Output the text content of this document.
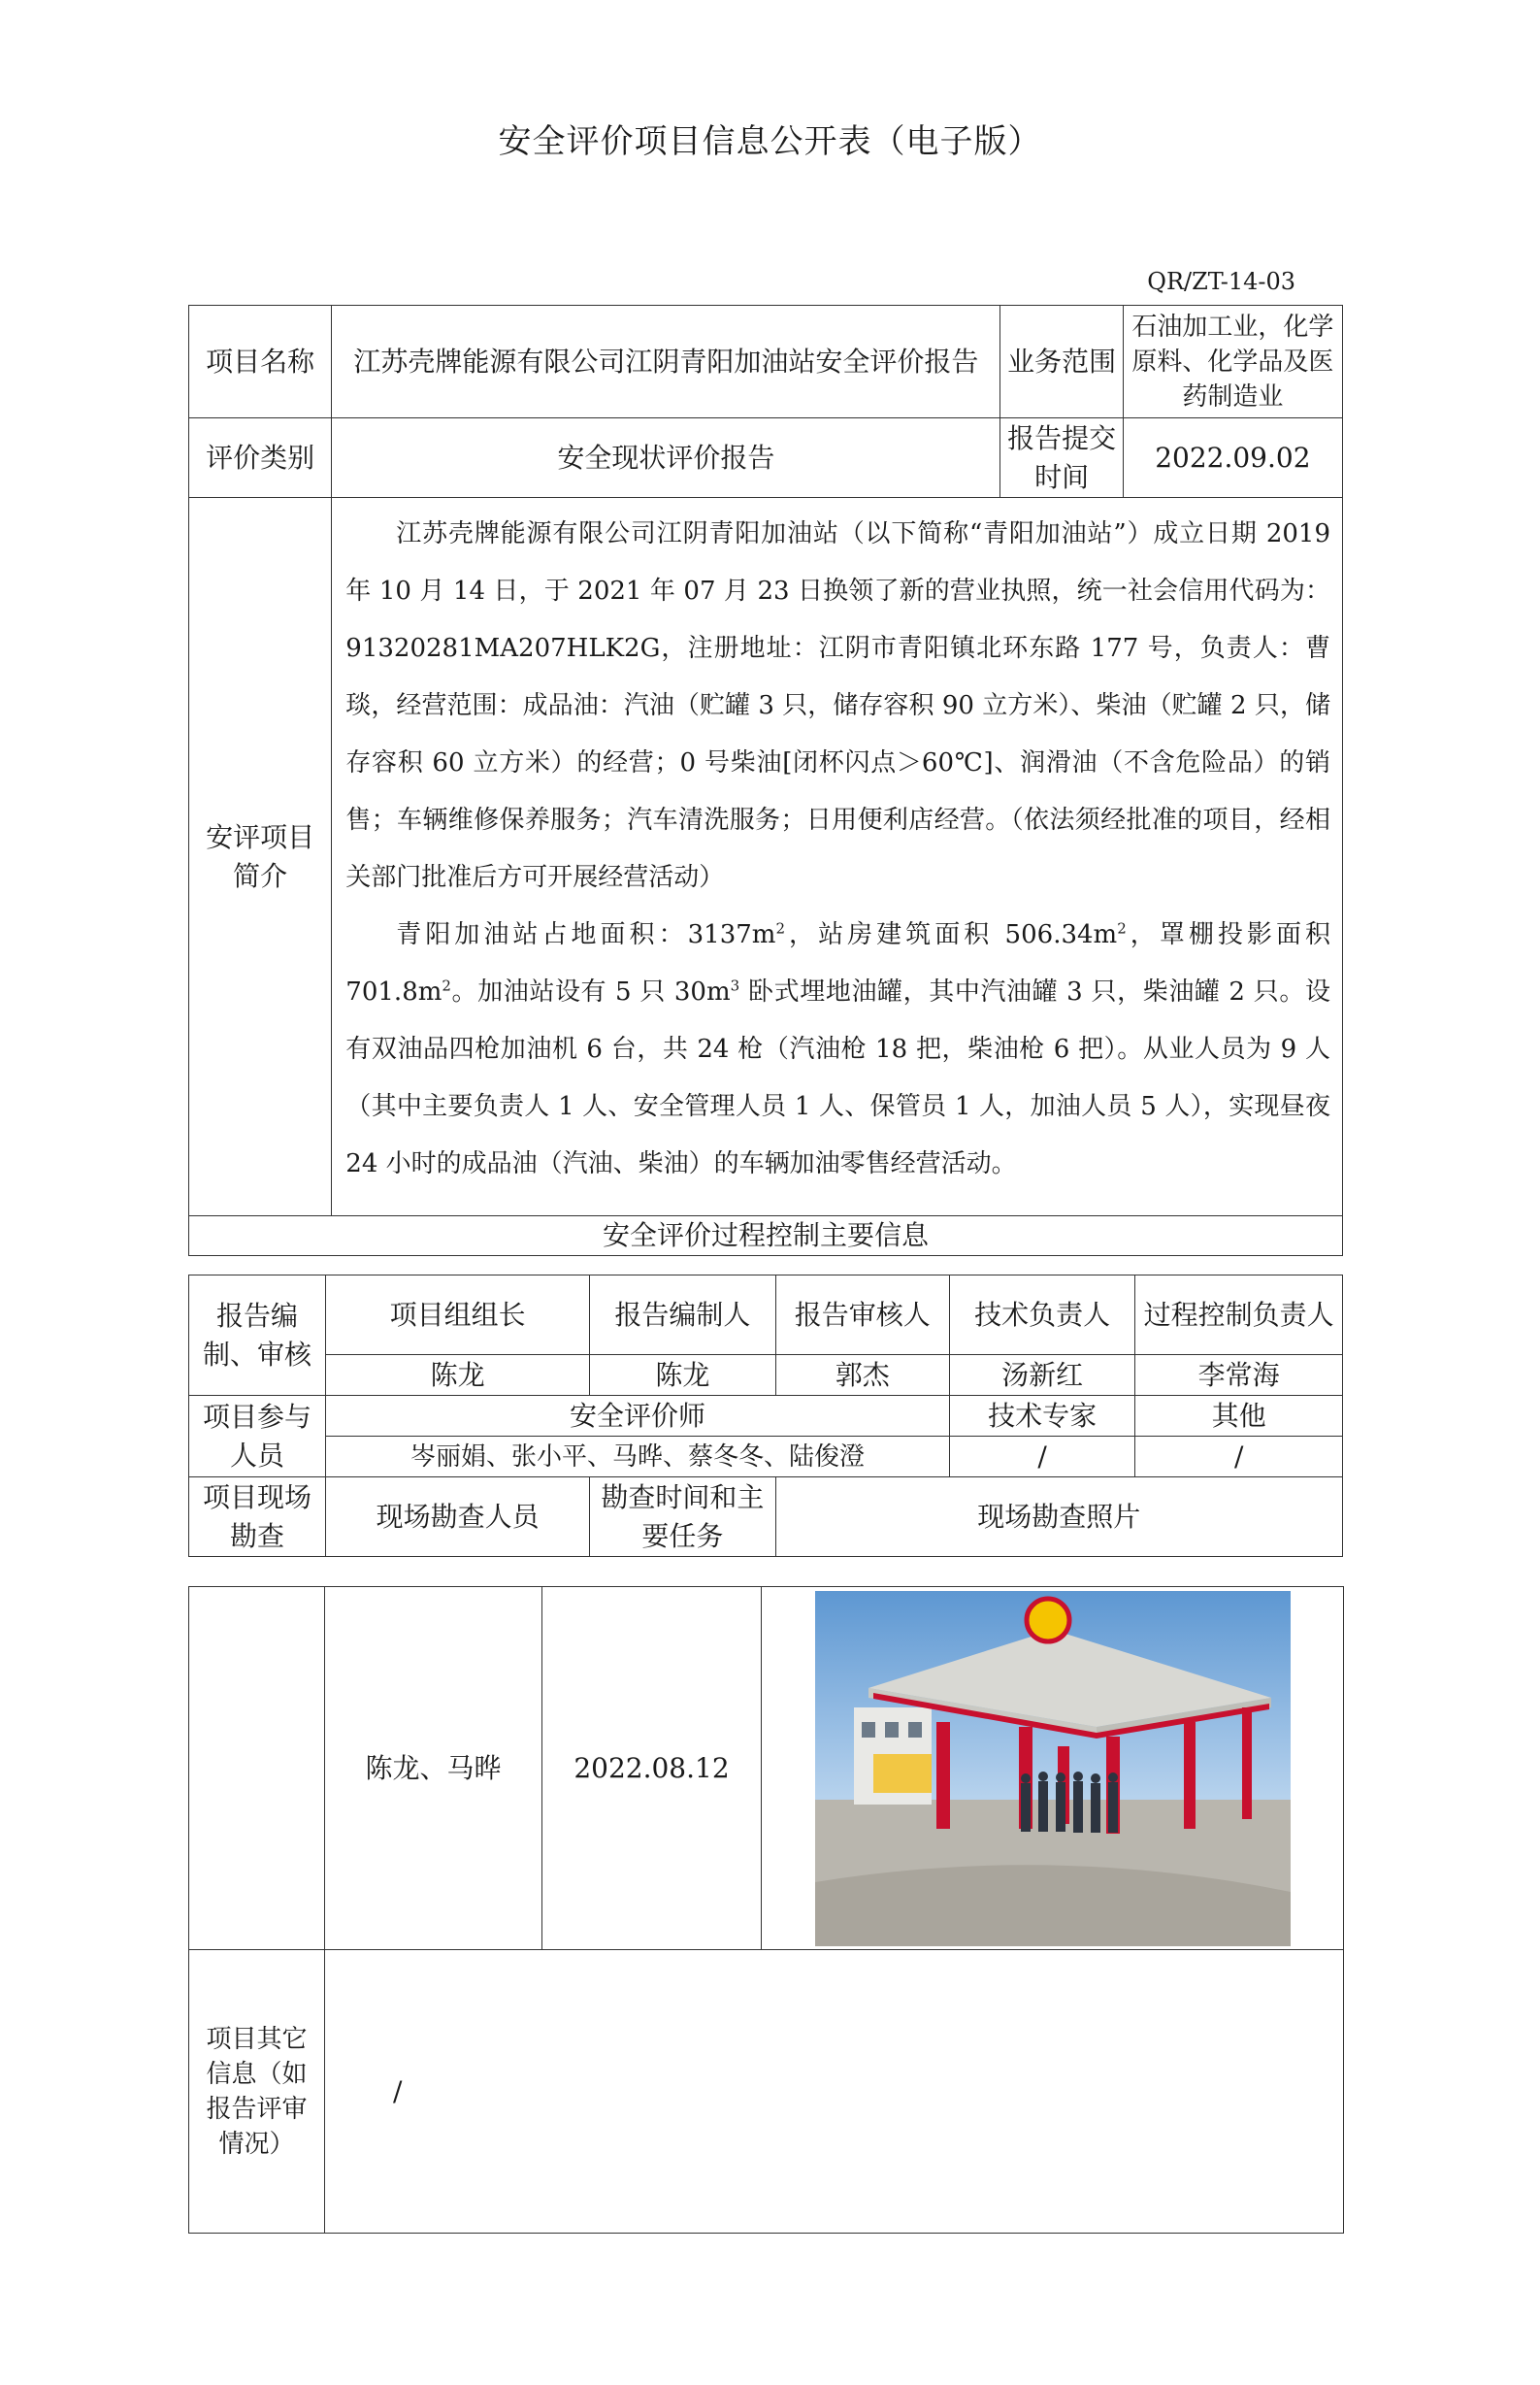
安全评价项目信息公开表（电子版）
QR/ZT-14-03
项目名称	江苏壳牌能源有限公司江阴青阳加油站安全评价报告	业务范围	石油加工业，化学原料、化学品及医药制造业
评价类别	安全现状评价报告	报告提交时间	2022.09.02
安评项目简介	江苏壳牌能源有限公司江阴青阳加油站（以下简称“青阳加油站”）成立日期 2019 年 10 月 14 日，于 2021 年 07 月 23 日换领了新的营业执照，统一社会信用代码为：91320281MA207HLK2G，注册地址：江阴市青阳镇北环东路 177 号，负责人：曹琰，经营范围：成品油：汽油（贮罐 3 只，储存容积 90 立方米）、柴油（贮罐 2 只，储存容积 60 立方米）的经营；0 号柴油[闭杯闪点＞60℃]、润滑油（不含危险品）的销售；车辆维修保养服务；汽车清洗服务；日用便利店经营。（依法须经批准的项目，经相关部门批准后方可开展经营活动）

青阳加油站占地面积：$3137m^2$，站房建筑面积 $506.34m^2$，罩棚投影面积 $701.8m^2$。加油站设有 5 只 $30m^3$ 卧式埋地油罐，其中汽油罐 3 只，柴油罐 2 只。设有双油品四枪加油机 6 台，共 24 枪（汽油枪 18 把，柴油枪 6 把）。从业人员为 9 人（其中主要负责人 1 人、安全管理人员 1 人、保管员 1 人，加油人员 5 人），实现昼夜 24 小时的成品油（汽油、柴油）的车辆加油零售经营活动。		

安全评价过程控制主要信息			
报告编制、审核	项目组组长	报告编制人	报告审核人	技术负责人	过程控制负责人
	陈龙	陈龙	郭杰	汤新红	李常海
项目参与人员	安全评价师			技术专家	其他
	岑丽娟、张小平、马晔、蔡冬冬、陆俊澄			/	/
项目现场勘查	现场勘查人员	勘查时间和主要任务	现场勘查照片		
	陈龙、马晔	2022.08.12	

项目其它信息（如报告评审情况）	/		
